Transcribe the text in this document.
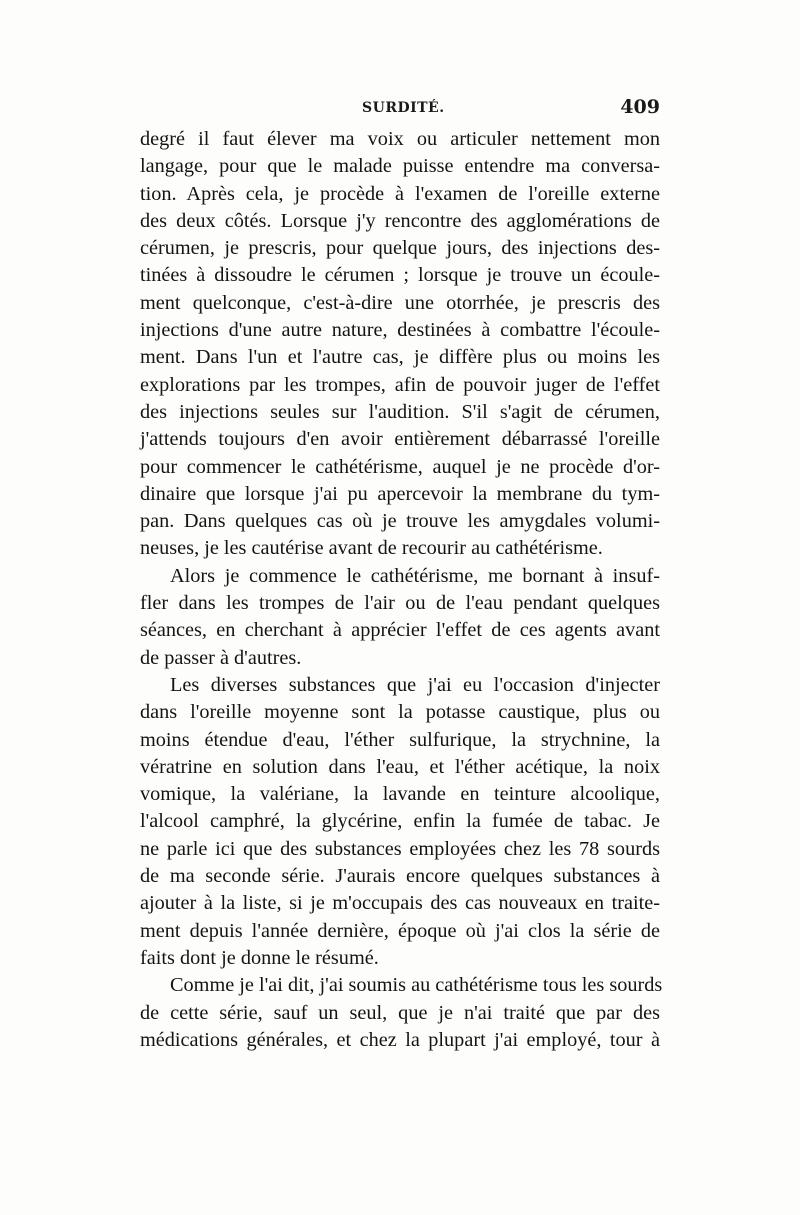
SURDITÉ.	409
degré il faut élever ma voix ou articuler nettement mon
langage, pour que le malade puisse entendre ma conversa-
tion. Après cela, je procède à l'examen de l'oreille externe
des deux côtés. Lorsque j'y rencontre des agglomérations de
cérumen, je prescris, pour quelque jours, des injections des-
tinées à dissoudre le cérumen ; lorsque je trouve un écoule-
ment quelconque, c'est-à-dire une otorrhée, je prescris des
injections d'une autre nature, destinées à combattre l'écoule-
ment. Dans l'un et l'autre cas, je diffère plus ou moins les
explorations par les trompes, afin de pouvoir juger de l'effet
des injections seules sur l'audition. S'il s'agit de cérumen,
j'attends toujours d'en avoir entièrement débarrassé l'oreille
pour commencer le cathétérisme, auquel je ne procède d'or-
dinaire que lorsque j'ai pu apercevoir la membrane du tym-
pan. Dans quelques cas où je trouve les amygdales volumi-
neuses, je les cautérise avant de recourir au cathétérisme.
Alors je commence le cathétérisme, me bornant à insuf-
fler dans les trompes de l'air ou de l'eau pendant quelques
séances, en cherchant à apprécier l'effet de ces agents avant
de passer à d'autres.
Les diverses substances que j'ai eu l'occasion d'injecter
dans l'oreille moyenne sont la potasse caustique, plus ou
moins étendue d'eau, l'éther sulfurique, la strychnine, la
vératrine en solution dans l'eau, et l'éther acétique, la noix
vomique, la valériane, la lavande en teinture alcoolique,
l'alcool camphré, la glycérine, enfin la fumée de tabac. Je
ne parle ici que des substances employées chez les 78 sourds
de ma seconde série. J'aurais encore quelques substances à
ajouter à la liste, si je m'occupais des cas nouveaux en traite-
ment depuis l'année dernière, époque où j'ai clos la série de
faits dont je donne le résumé.
Comme je l'ai dit, j'ai soumis au cathétérisme tous les sourds
de cette série, sauf un seul, que je n'ai traité que par des
médications générales, et chez la plupart j'ai employé, tour à
